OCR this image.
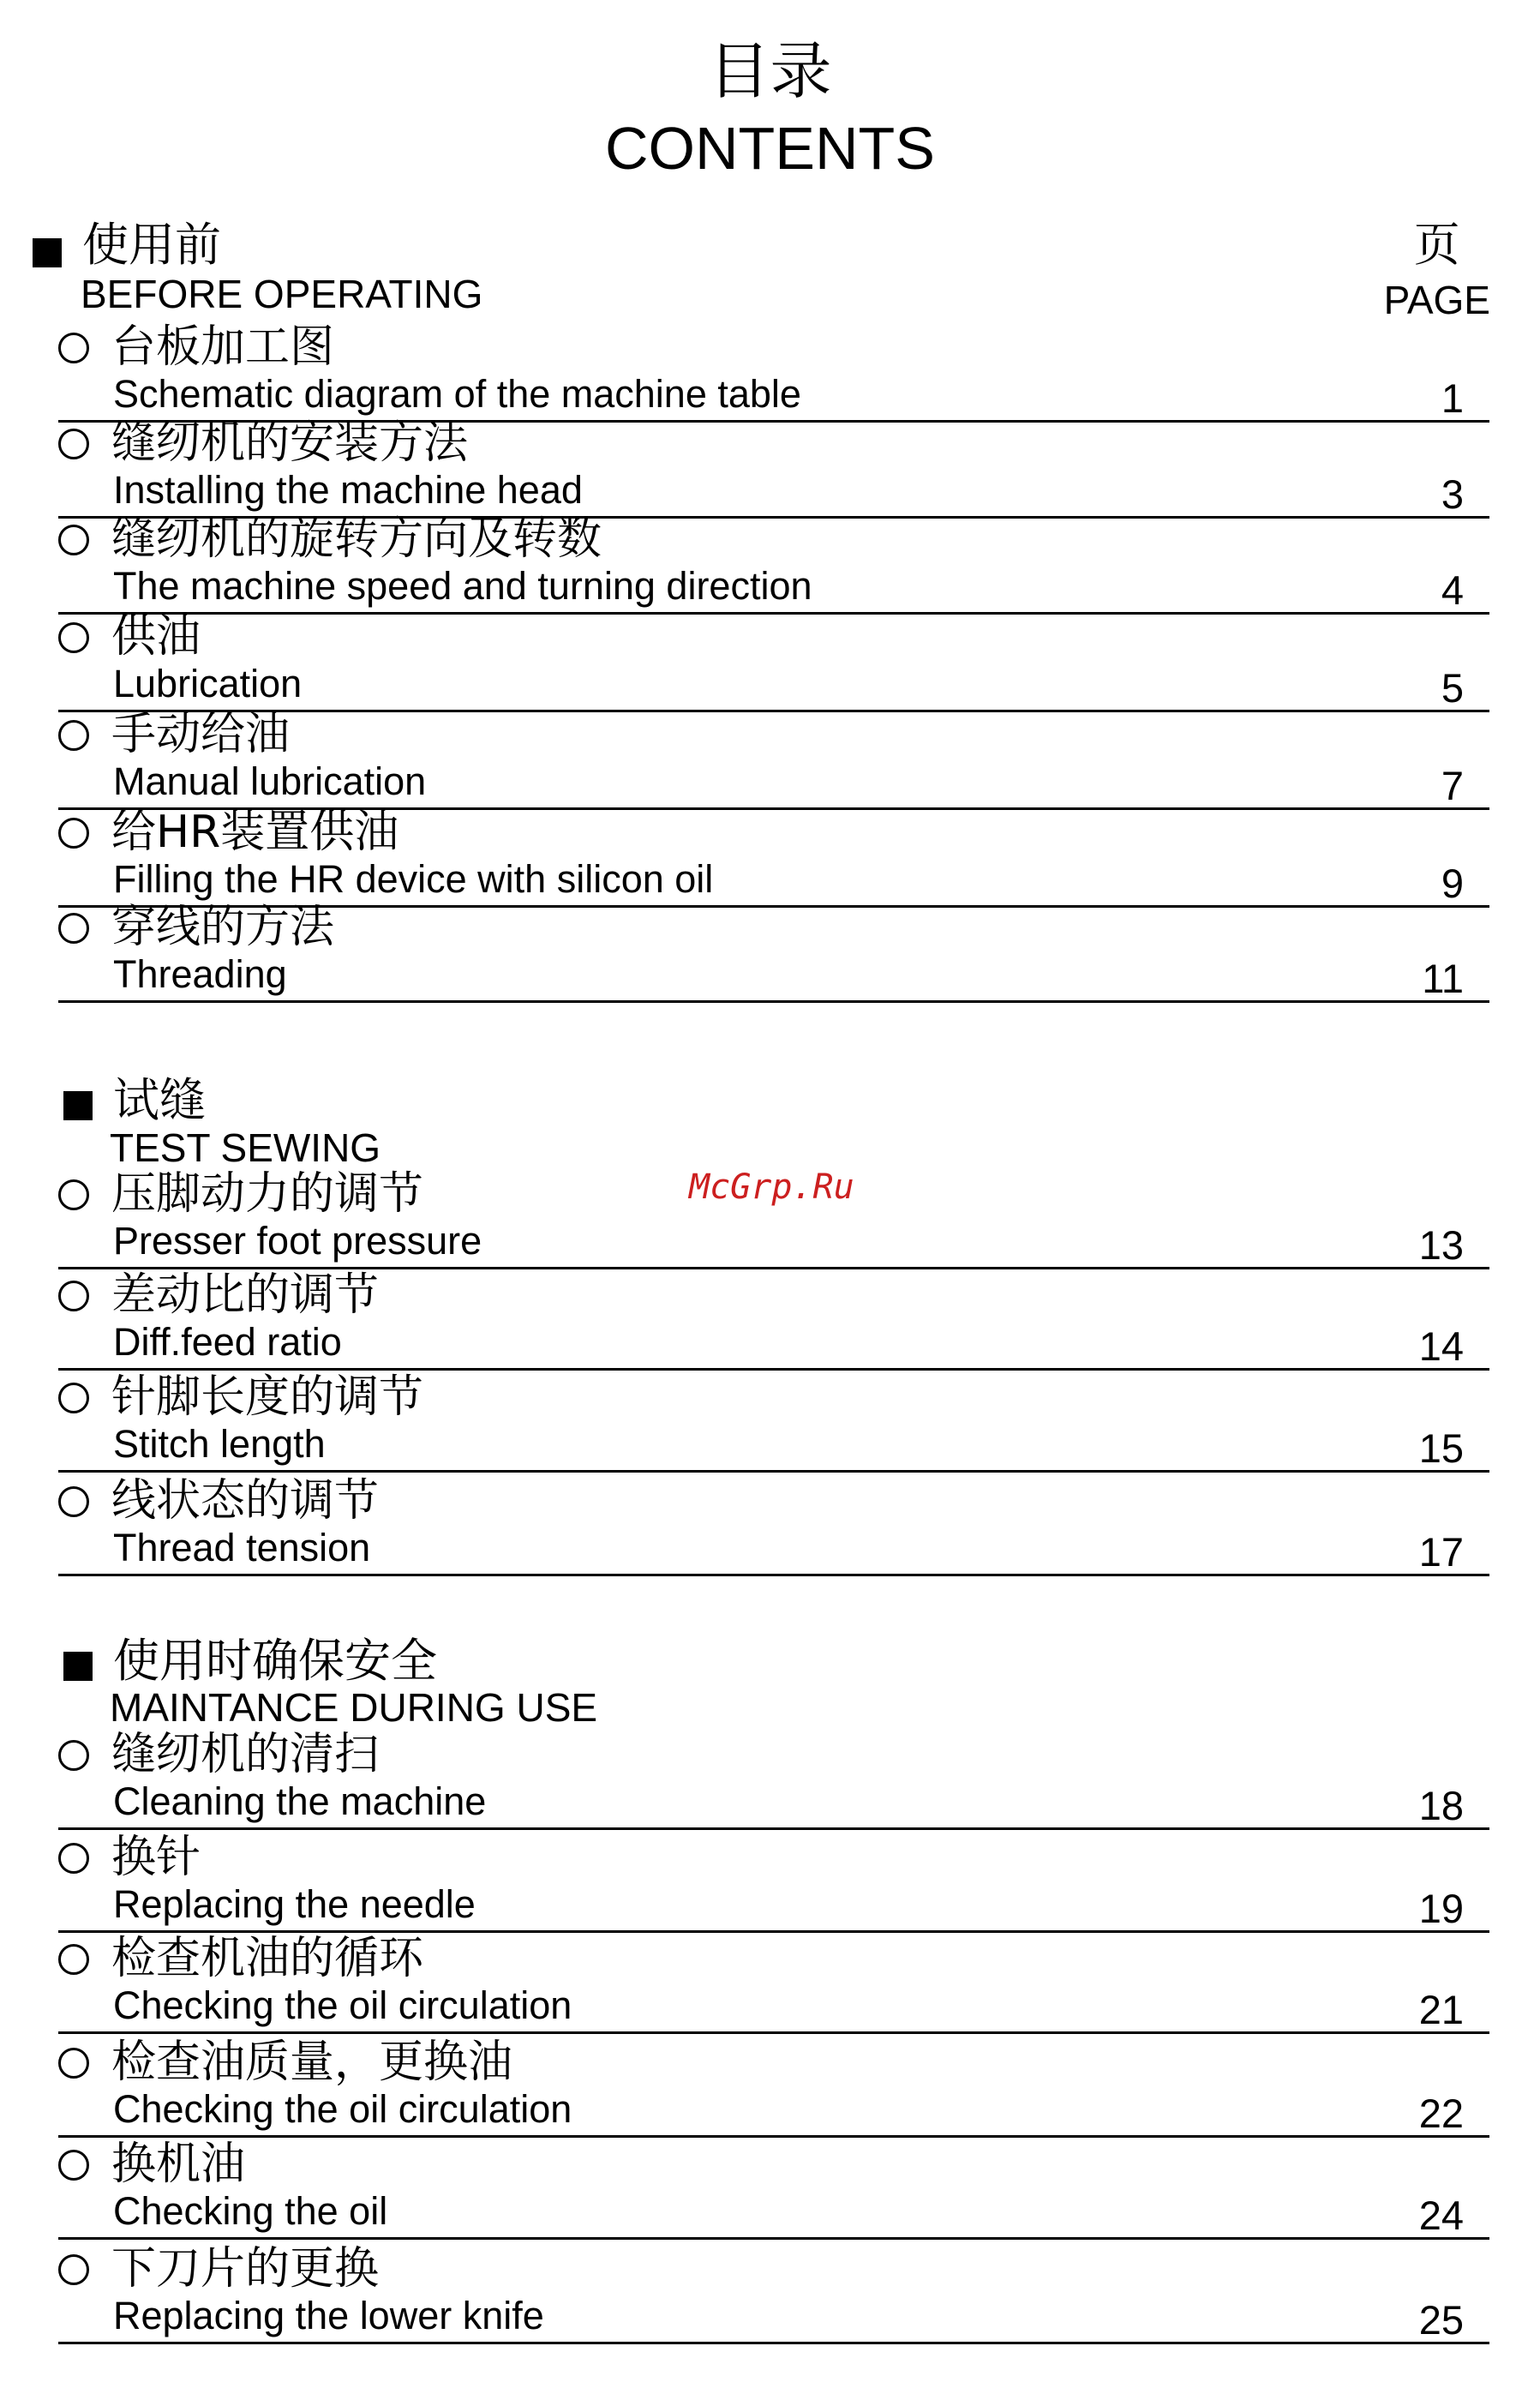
目录
CONTENTS
页
PAGE
McGrp.Ru
使用前
BEFORE OPERATING
台板加工图
Schematic diagram of the machine table	1
缝纫机的安装方法
Installing the machine head	3
缝纫机的旋转方向及转数
The machine speed and turning direction	4
供油
Lubrication	5
手动给油
Manual lubrication	7
给HR装置供油
Filling the HR device with silicon oil	9
穿线的方法
Threading	11
试缝
TEST SEWING
压脚动力的调节
Presser foot pressure	13
差动比的调节
Diff.feed ratio	14
针脚长度的调节
Stitch length	15
线状态的调节
Thread tension	17
使用时确保安全
MAINTANCE DURING USE
缝纫机的清扫
Cleaning the machine	18
换针
Replacing the needle	19
检查机油的循环
Checking the oil circulation	21
检查油质量，更换油
Checking the oil circulation	22
换机油
Checking the oil	24
下刀片的更换
Replacing the lower knife	25
